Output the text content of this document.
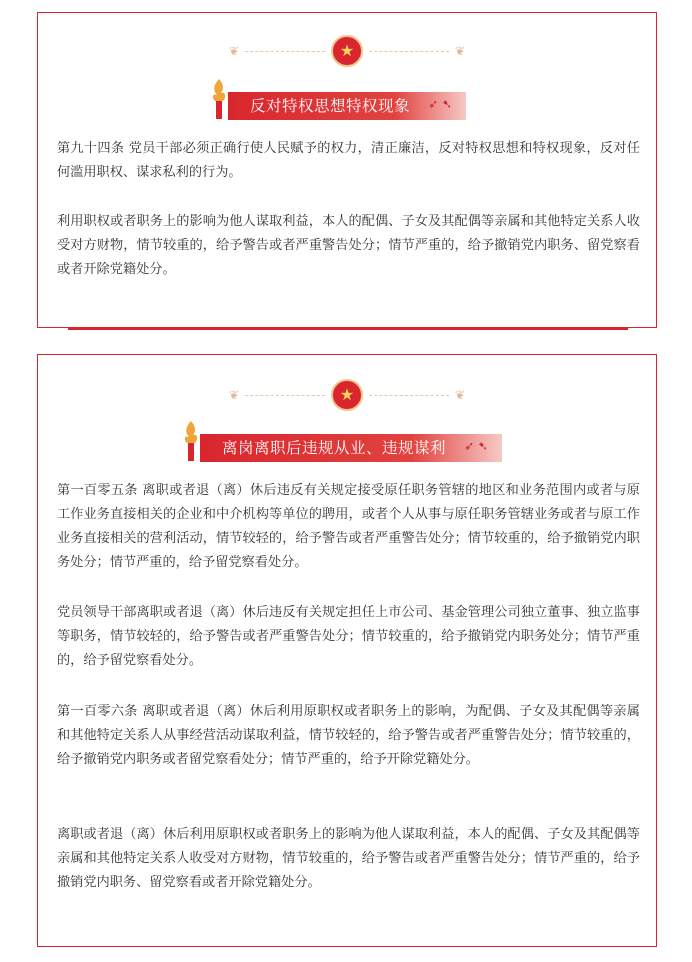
❦	★	❦
反对特权思想特权现象	➶ ➷
第九十四条 党员干部必须正确行使人民赋予的权力，清正廉洁，反对特权思想和特权现象，反对任何滥用职权、谋求私利的行为。
利用职权或者职务上的影响为他人谋取利益，本人的配偶、子女及其配偶等亲属和其他特定关系人收受对方财物，情节较重的，给予警告或者严重警告处分；情节严重的，给予撤销党内职务、留党察看或者开除党籍处分。
❦	★	❦
离岗离职后违规从业、违规谋利	➶ ➷
第一百零五条 离职或者退（离）休后违反有关规定接受原任职务管辖的地区和业务范围内或者与原工作业务直接相关的企业和中介机构等单位的聘用，或者个人从事与原任职务管辖业务或者与原工作业务直接相关的营利活动，情节较轻的，给予警告或者严重警告处分；情节较重的，给予撤销党内职务处分；情节严重的，给予留党察看处分。
党员领导干部离职或者退（离）休后违反有关规定担任上市公司、基金管理公司独立董事、独立监事等职务，情节较轻的，给予警告或者严重警告处分；情节较重的，给予撤销党内职务处分；情节严重的，给予留党察看处分。
第一百零六条 离职或者退（离）休后利用原职权或者职务上的影响，为配偶、子女及其配偶等亲属和其他特定关系人从事经营活动谋取利益，情节较轻的，给予警告或者严重警告处分；情节较重的，给予撤销党内职务或者留党察看处分；情节严重的，给予开除党籍处分。
离职或者退（离）休后利用原职权或者职务上的影响为他人谋取利益，本人的配偶、子女及其配偶等亲属和其他特定关系人收受对方财物，情节较重的，给予警告或者严重警告处分；情节严重的，给予撤销党内职务、留党察看或者开除党籍处分。
